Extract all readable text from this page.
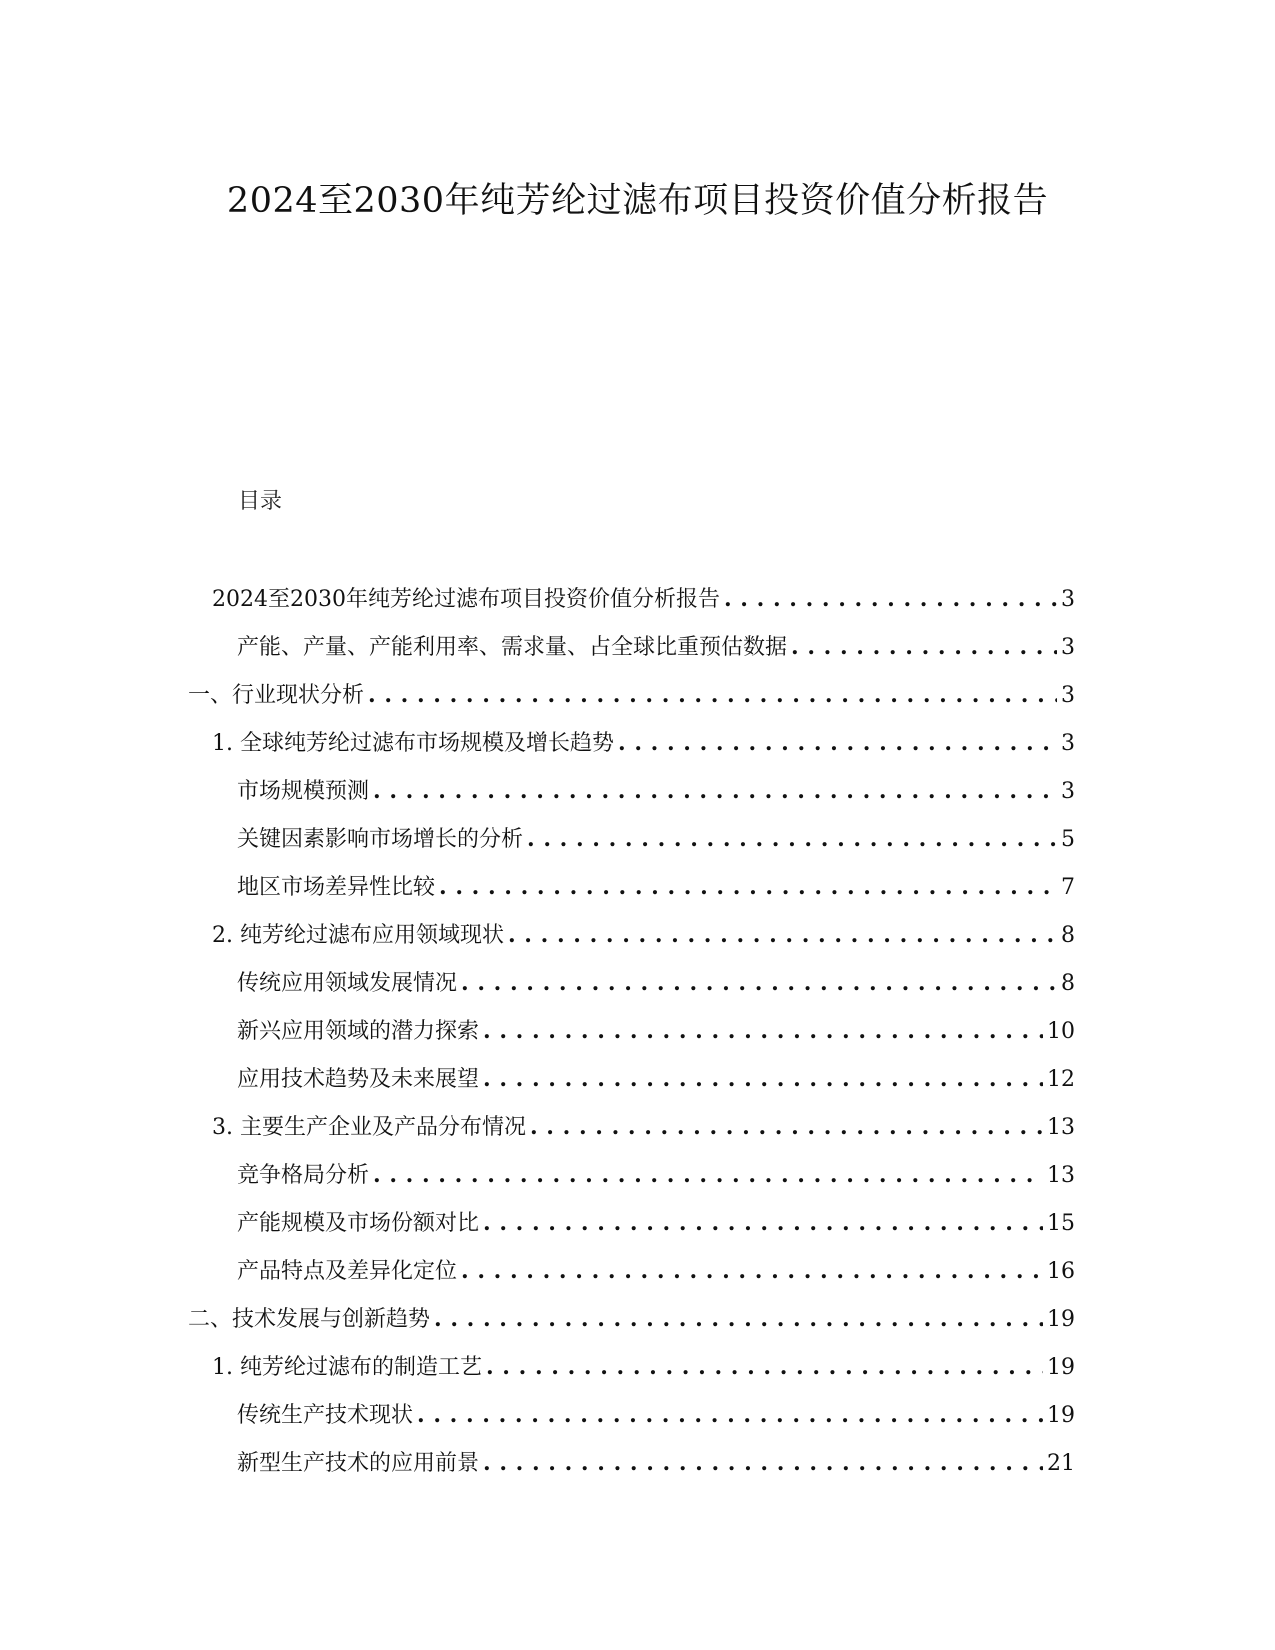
2024至2030年纯芳纶过滤布项目投资价值分析报告
目录
2024至2030年纯芳纶过滤布项目投资价值分析报告 . . .	3
产能、产量、产能利用率、需求量、占全球比重预估数据 . . .	3
一、行业现状分析 . . .	3
1. 全球纯芳纶过滤布市场规模及增长趋势 . . .	3
市场规模预测 . . .	3
关键因素影响市场增长的分析 . . .	5
地区市场差异性比较 . . .	7
2. 纯芳纶过滤布应用领域现状 . . .	8
传统应用领域发展情况 . . .	8
新兴应用领域的潜力探索 . . .	10
应用技术趋势及未来展望 . . .	12
3. 主要生产企业及产品分布情况 . . .	13
竞争格局分析 . . .	13
产能规模及市场份额对比 . . .	15
产品特点及差异化定位 . . .	16
二、技术发展与创新趋势 . . .	19
1. 纯芳纶过滤布的制造工艺 . . .	19
传统生产技术现状 . . .	19
新型生产技术的应用前景 . . .	21
